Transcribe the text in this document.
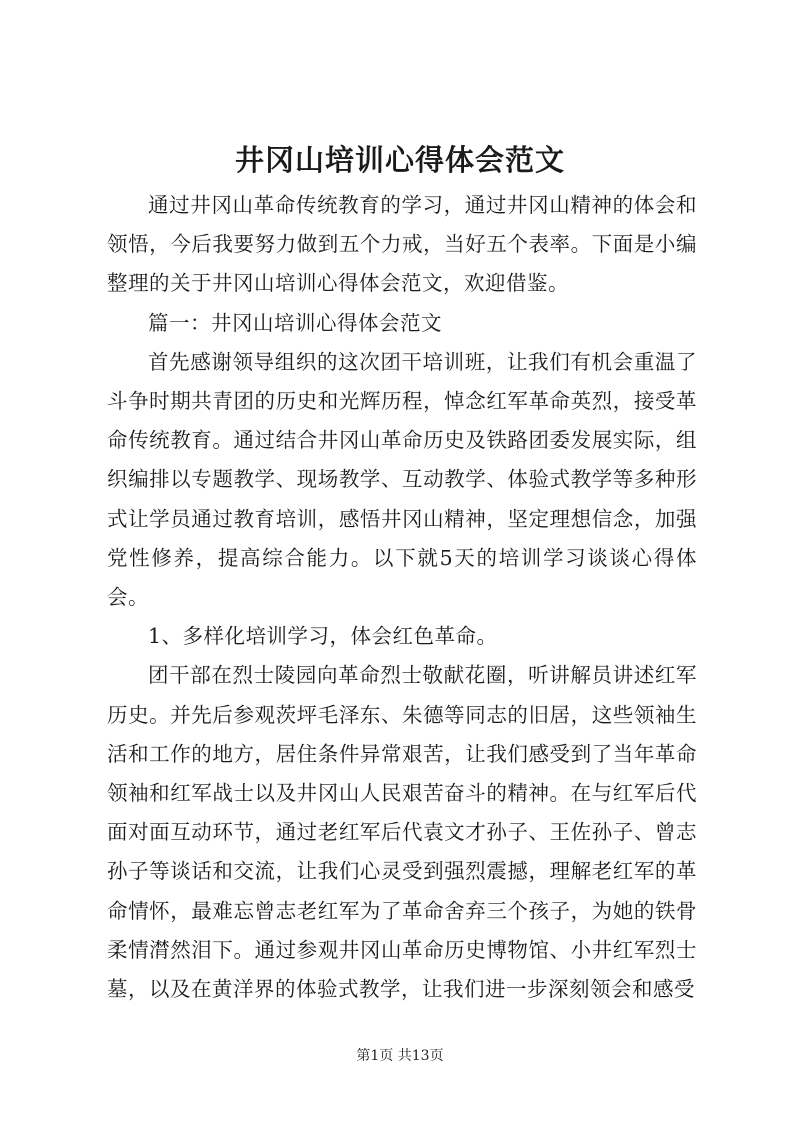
井冈山培训心得体会范文

通过井冈山革命传统教育的学习，通过井冈山精神的体会和领悟，今后我要努力做到五个力戒，当好五个表率。下面是小编整理的关于井冈山培训心得体会范文，欢迎借鉴。

篇一：井冈山培训心得体会范文

首先感谢领导组织的这次团干培训班，让我们有机会重温了斗争时期共青团的历史和光辉历程，悼念红军革命英烈，接受革命传统教育。通过结合井冈山革命历史及铁路团委发展实际，组织编排以专题教学、现场教学、互动教学、体验式教学等多种形式让学员通过教育培训，感悟井冈山精神，坚定理想信念，加强党性修养，提高综合能力。以下就5天的培训学习谈谈心得体会。

1、多样化培训学习，体会红色革命。

团干部在烈士陵园向革命烈士敬献花圈，听讲解员讲述红军历史。并先后参观茨坪毛泽东、朱德等同志的旧居，这些领袖生活和工作的地方，居住条件异常艰苦，让我们感受到了当年革命领袖和红军战士以及井冈山人民艰苦奋斗的精神。在与红军后代面对面互动环节，通过老红军后代袁文才孙子、王佐孙子、曾志孙子等谈话和交流，让我们心灵受到强烈震撼，理解老红军的革命情怀，最难忘曾志老红军为了革命舍弃三个孩子，为她的铁骨柔情潸然泪下。通过参观井冈山革命历史博物馆、小井红军烈士墓，以及在黄洋界的体验式教学，让我们进一步深刻领会和感受

第1页 共13页
